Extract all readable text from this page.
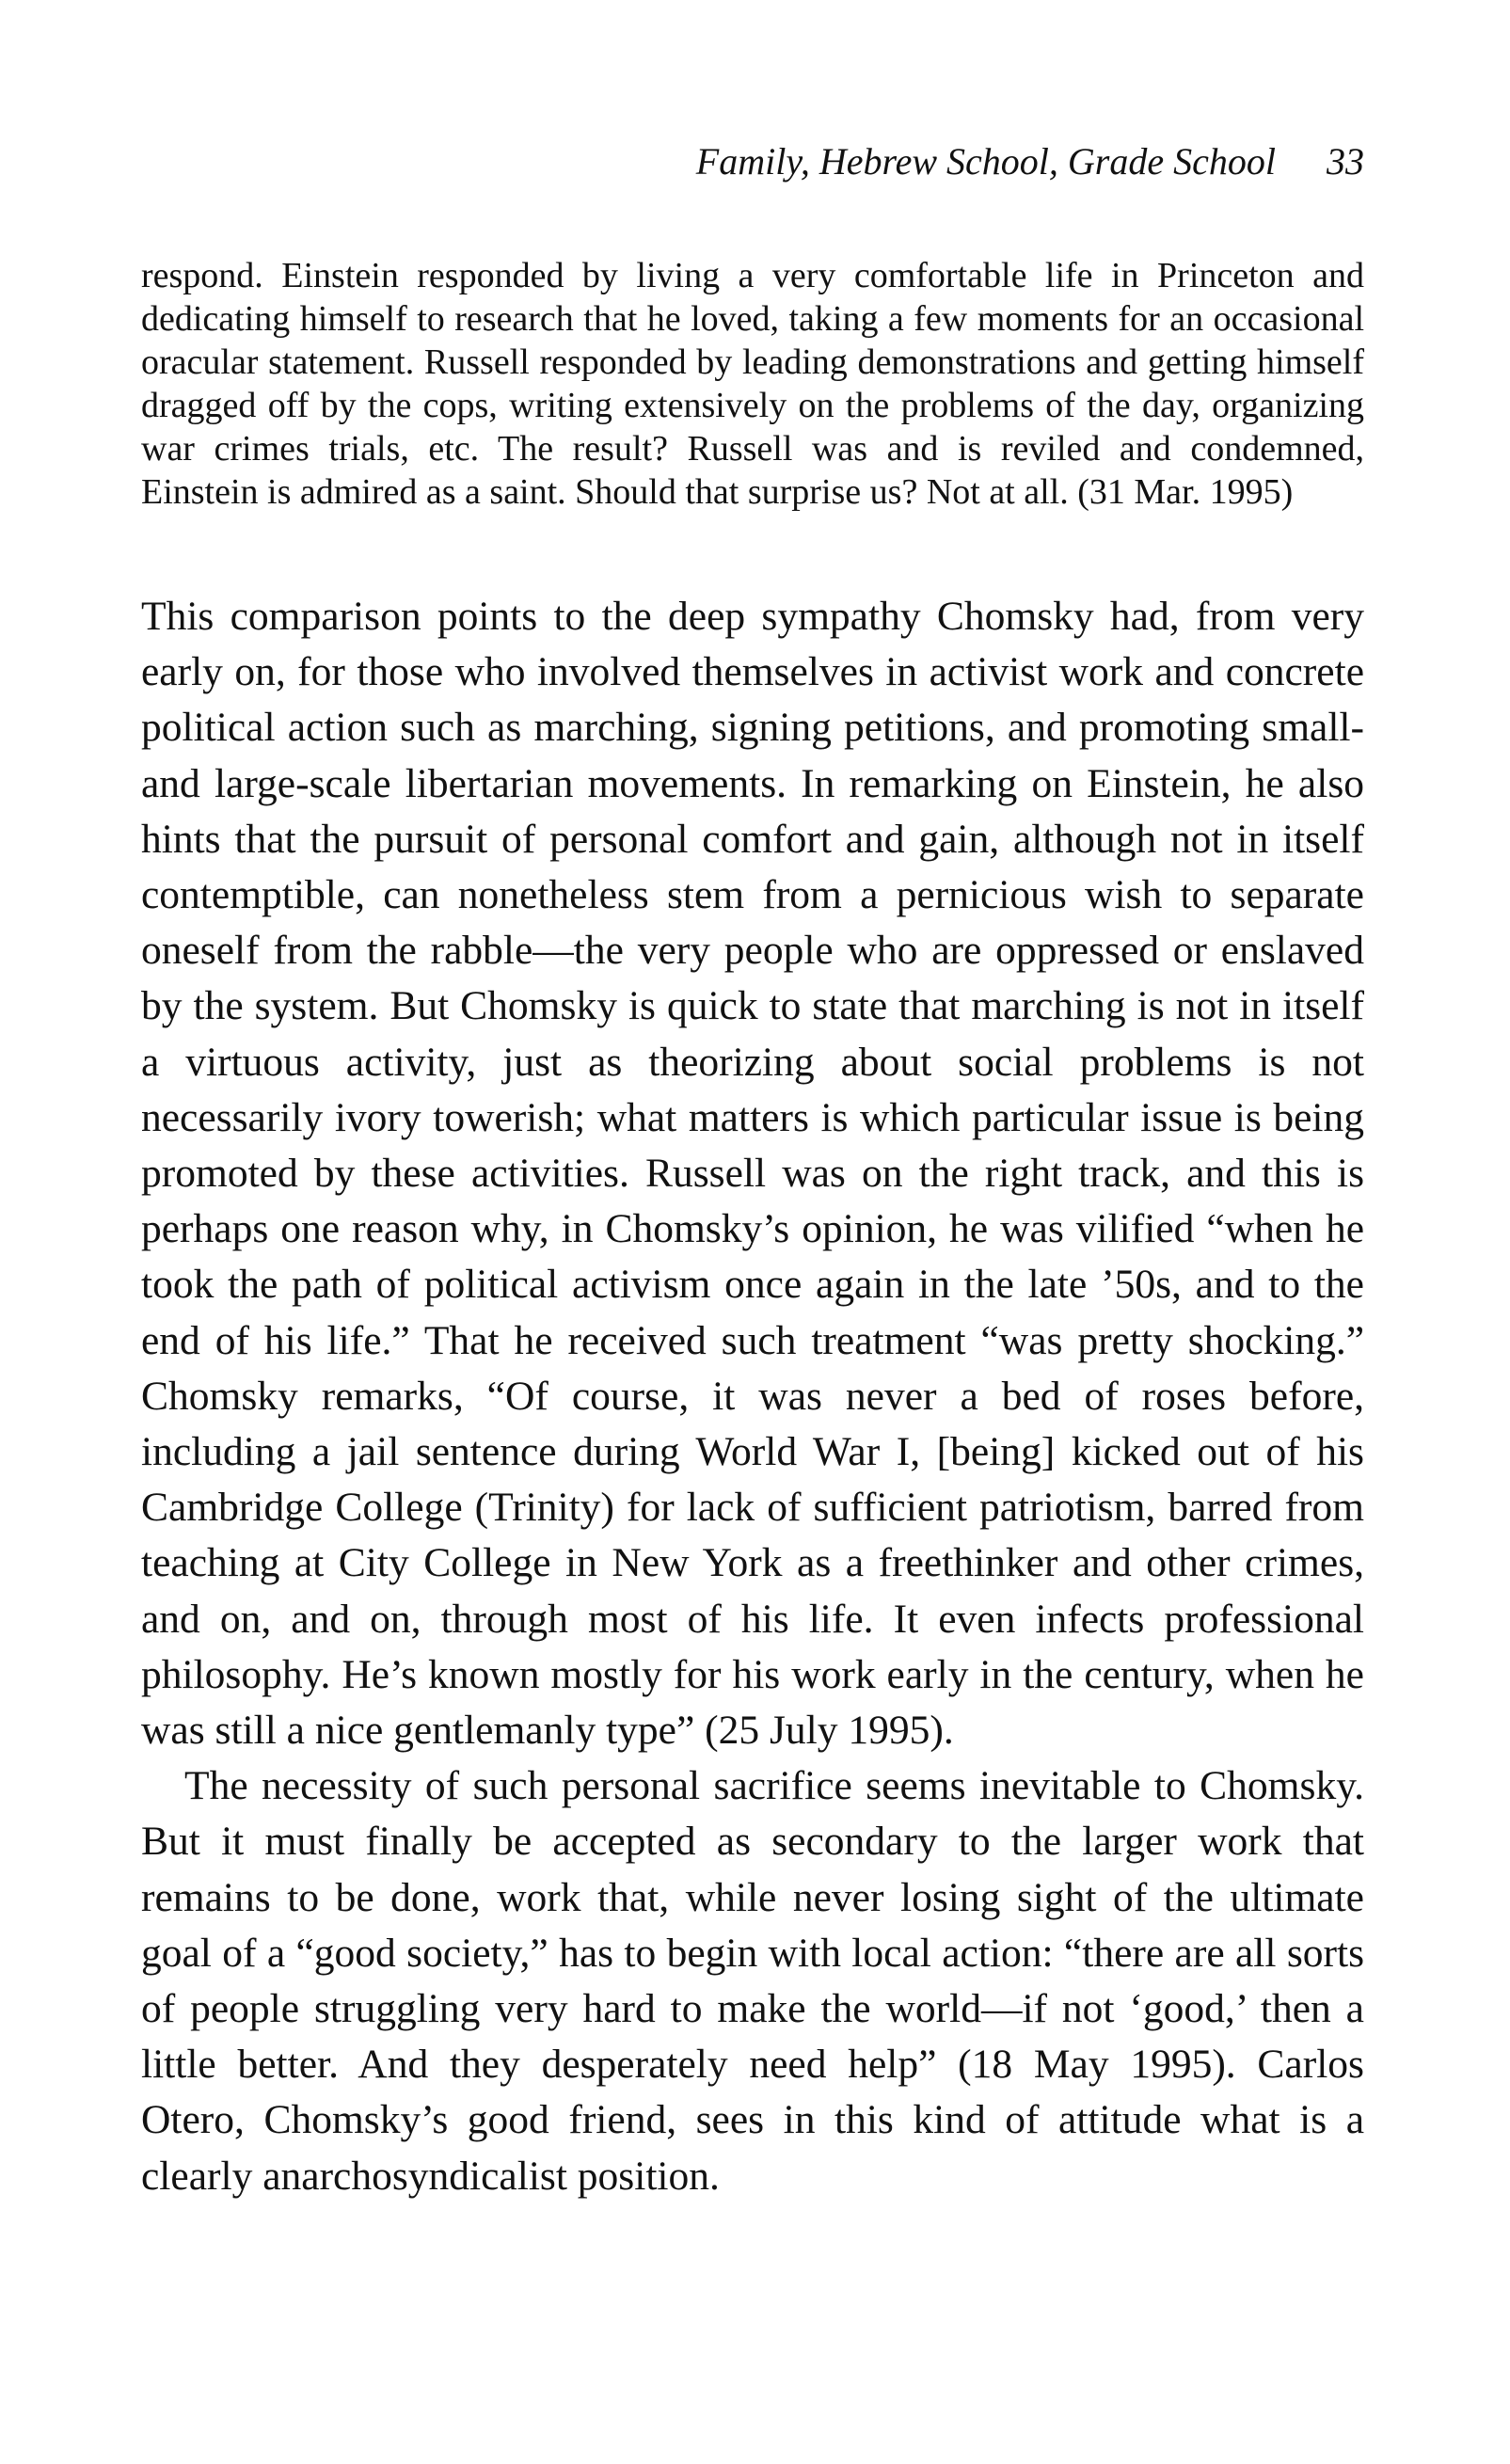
Family, Hebrew School, Grade School 33

respond. Einstein responded by living a very comfortable life in Princeton and dedicating himself to research that he loved, taking a few moments for an occasional oracular statement. Russell responded by leading demonstrations and getting himself dragged off by the cops, writing extensively on the problems of the day, organizing war crimes trials, etc. The result? Russell was and is reviled and condemned, Einstein is admired as a saint. Should that surprise us? Not at all. (31 Mar. 1995)

This comparison points to the deep sympathy Chomsky had, from very early on, for those who involved themselves in activist work and concrete political action such as marching, signing petitions, and promoting small- and large-scale libertarian movements. In remarking on Einstein, he also hints that the pursuit of personal comfort and gain, although not in itself contemptible, can nonetheless stem from a pernicious wish to separate oneself from the rabble—the very people who are oppressed or enslaved by the system. But Chomsky is quick to state that marching is not in itself a virtuous activity, just as theorizing about social problems is not necessarily ivory towerish; what matters is which particular issue is being promoted by these activities. Russell was on the right track, and this is perhaps one reason why, in Chomsky’s opinion, he was vilified “when he took the path of political activism once again in the late ’50s, and to the end of his life.” That he received such treatment “was pretty shocking.” Chomsky remarks, “Of course, it was never a bed of roses before, including a jail sentence during World War I, [being] kicked out of his Cambridge College (Trinity) for lack of sufficient patriotism, barred from teaching at City College in New York as a freethinker and other crimes, and on, and on, through most of his life. It even infects professional philosophy. He’s known mostly for his work early in the century, when he was still a nice gentlemanly type” (25 July 1995).

The necessity of such personal sacrifice seems inevitable to Chomsky. But it must finally be accepted as secondary to the larger work that remains to be done, work that, while never losing sight of the ultimate goal of a “good society,” has to begin with local action: “there are all sorts of people struggling very hard to make the world—if not ‘good,’ then a little better. And they desperately need help” (18 May 1995). Carlos Otero, Chomsky’s good friend, sees in this kind of attitude what is a clearly anarchosyndicalist position.
